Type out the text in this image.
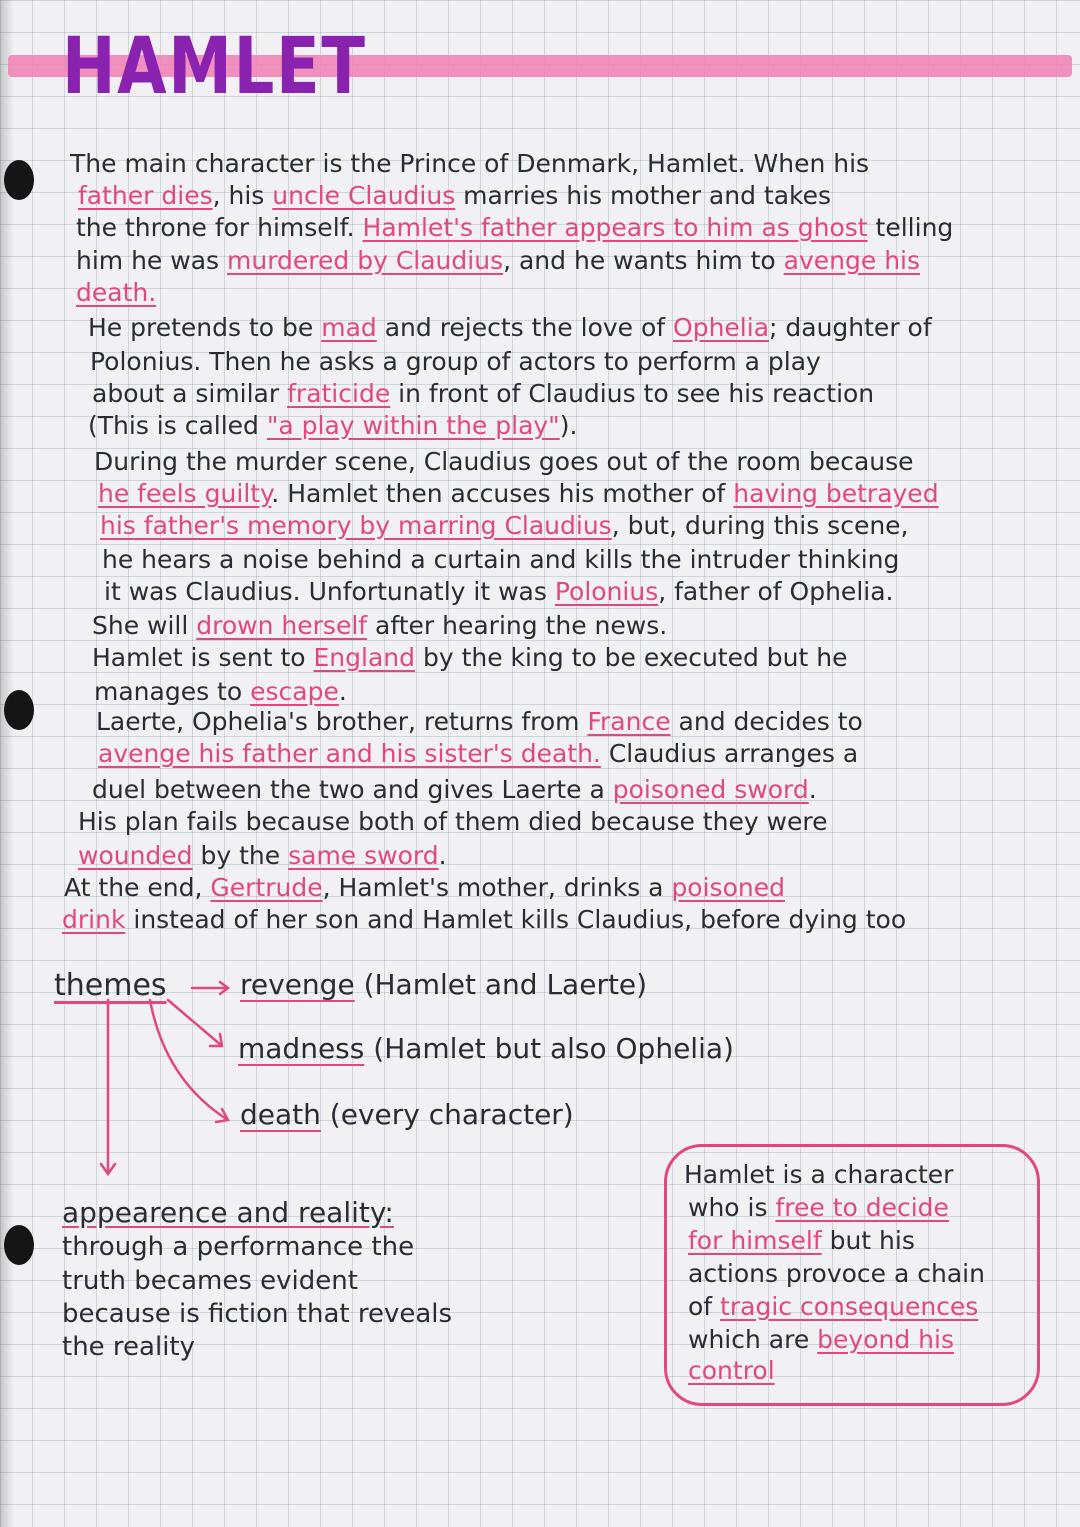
HAMLET
The main character is the Prince of Denmark, Hamlet. When his
father dies, his uncle Claudius marries his mother and takes
the throne for himself. Hamlet's father appears to him as ghost telling
him he was murdered by Claudius, and he wants him to avenge his
death.
He pretends to be mad and rejects the love of Ophelia; daughter of
Polonius. Then he asks a group of actors to perform a play
about a similar fraticide in front of Claudius to see his reaction
(This is called "a play within the play").
During the murder scene, Claudius goes out of the room because
he feels guilty. Hamlet then accuses his mother of having betrayed
his father's memory by marring Claudius, but, during this scene,
he hears a noise behind a curtain and kills the intruder thinking
it was Claudius. Unfortunatly it was Polonius, father of Ophelia.
She will drown herself after hearing the news.
Hamlet is sent to England by the king to be executed but he
manages to escape.
Laerte, Ophelia's brother, returns from France and decides to
avenge his father and his sister's death. Claudius arranges a
duel between the two and gives Laerte a poisoned sword.
His plan fails because both of them died because they were
wounded by the same sword.
At the end, Gertrude, Hamlet's mother, drinks a poisoned
drink instead of her son and Hamlet kills Claudius, before dying too
themes	revenge (Hamlet and Laerte)
madness (Hamlet but also Ophelia)
death (every character)
appearence and reality:
through a performance the
truth becames evident
because is fiction that reveals
the reality
Hamlet is a character
who is free to decide
for himself but his
actions provoce a chain
of tragic consequences
which are beyond his
control
